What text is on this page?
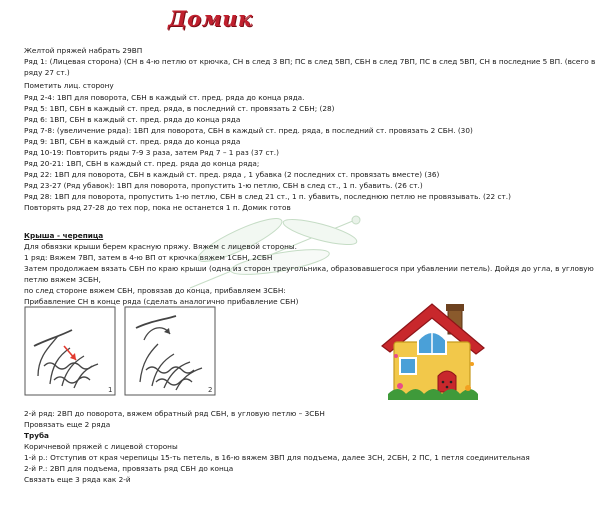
Домик
Желтой пряжей набрать 29ВП
Ряд 1: (Лицевая сторона) (СН в 4-ю петлю от крючка, СН в след 3 ВП; ПС в след 5ВП, СБН в след 7ВП, ПС в след 5ВП, СН в последние 5 ВП. (всего в
ряду 27 ст.)
Пометить лиц. сторону
Ряд 2-4: 1ВП для поворота, СБН в каждый ст. пред. ряда до конца ряда.
Ряд 5: 1ВП, СБН в каждый ст. пред. ряда, в последний ст. провязать 2 СБН; (28)
Ряд 6: 1ВП, СБН в каждый ст. пред. ряда до конца ряда
Ряд 7-8: (увеличение ряда): 1ВП для поворота, СБН в каждый ст. пред. ряда, в последний ст. провязать 2 СБН. (30)
Ряд 9: 1ВП, СБН в каждый ст. пред. ряда до конца ряда
Ряд 10-19: Повторить ряды 7-9 3 раза, затем Ряд 7 – 1 раз (37 ст.)
Ряд 20-21: 1ВП, СБН в каждый ст. пред. ряда до конца ряда;
Ряд 22: 1ВП для поворота, СБН в каждый ст. пред. ряда , 1 убавка (2 последних ст. провязать вместе) (36)
Ряд 23-27 (Ряд убавок): 1ВП для поворота, пропустить 1-ю петлю, СБН в след ст., 1 п. убавить. (26 ст.)
Ряд 28: 1ВП для поворота, пропустить 1-ю петлю, СБН в след 21 ст., 1 п. убавить, последнюю петлю не провязывать. (22 ст.)
Повторять ряд 27-28 до тех пор, пока не останется 1 п. Домик готов
Крыша - черепица
Для обвязки крыши берем красную пряжу. Вяжем с лицевой стороны.
1 ряд: Вяжем 7ВП, затем в 4-ю ВП от крючка вяжем 1СБН, 2СБН
Затем продолжаем вязать СБН по краю крыши (одна из сторон треугольника, образовавшегося при убавлении петель). Дойдя до угла, в угловую
петлю вяжем 3СБН,
по след стороне вяжем СБН, провязав до конца, прибавляем 3СБН:
Прибавление СН в конце ряда (сделать аналогично прибавление СБН)
1	2
2-й ряд: 2ВП до поворота, вяжем обратный ряд СБН, в угловую петлю – 3СБН
Провязать еще 2 ряда
Труба
Коричневой пряжей с лицевой стороны
1-й р.: Отступив от края черепицы 15-ть петель, в 16-ю вяжем 3ВП для подъема, далее 3СН, 2СБН, 2 ПС, 1 петля соединительная
2-й Р.: 2ВП для подъема, провязать ряд СБН до конца
Связать еще 3 ряда как 2-й
